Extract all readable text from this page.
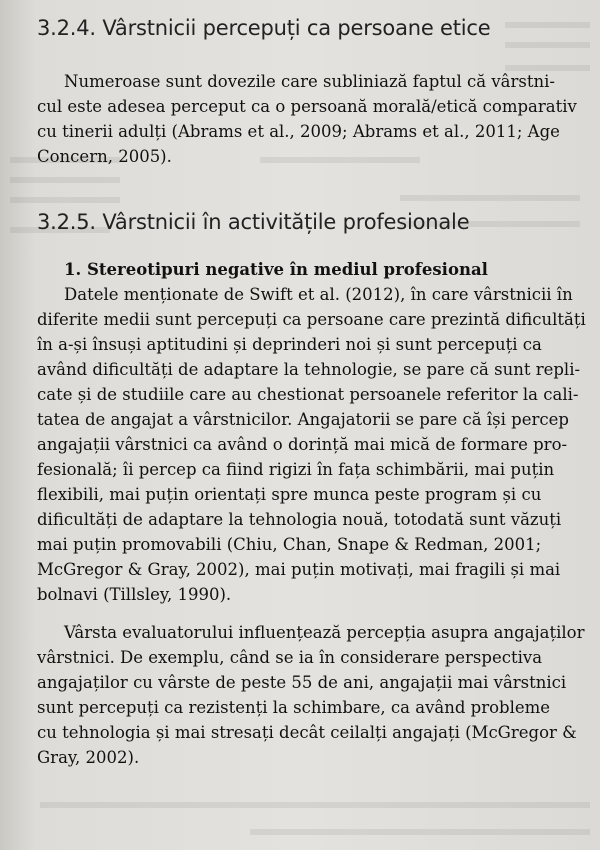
3.2.4. Vârstnicii percepuți ca persoane etice
Numeroase sunt dovezile care subliniază faptul că vârstni-
cul este adesea perceput ca o persoană morală/etică comparativ
cu tinerii adulți (Abrams et al., 2009; Abrams et al., 2011; Age
Concern, 2005).
3.2.5. Vârstnicii în activitățile profesionale
1. Stereotipuri negative în mediul profesional
Datele menționate de Swift et al. (2012), în care vârstnicii în
diferite medii sunt percepuți ca persoane care prezintă dificultăți
în a-și însuși aptitudini și deprinderi noi și sunt percepuți ca
având dificultăți de adaptare la tehnologie, se pare că sunt repli-
cate și de studiile care au chestionat persoanele referitor la cali-
tatea de angajat a vârstnicilor. Angajatorii se pare că își percep
angajații vârstnici ca având o dorință mai mică de formare pro-
fesională; îi percep ca fiind rigizi în fața schimbării, mai puțin
flexibili, mai puțin orientați spre munca peste program și cu
dificultăți de adaptare la tehnologia nouă, totodată sunt văzuți
mai puțin promovabili (Chiu, Chan, Snape & Redman, 2001;
McGregor & Gray, 2002), mai puțin motivați, mai fragili și mai
bolnavi (Tillsley, 1990).
Vârsta evaluatorului influențează percepția asupra angajaților
vârstnici. De exemplu, când se ia în considerare perspectiva
angajaților cu vârste de peste 55 de ani, angajații mai vârstnici
sunt percepuți ca rezistenți la schimbare, ca având probleme
cu tehnologia și mai stresați decât ceilalți angajați (McGregor &
Gray, 2002).
